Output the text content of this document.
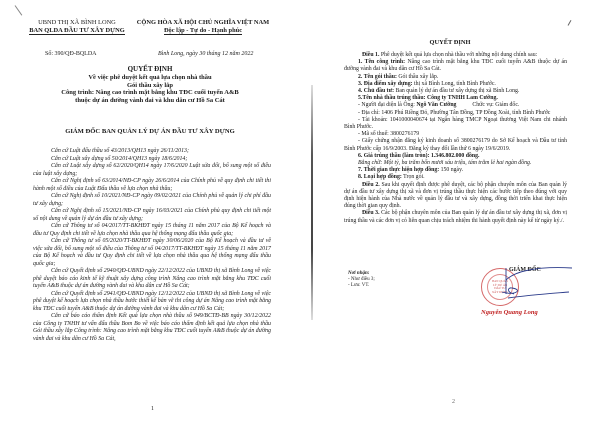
UBND THỊ XÃ BÌNH LONG
BAN QLDA ĐẦU TƯ XÂY DỰNG
CỘNG HÒA XÃ HỘI CHỦ NGHĨA VIỆT NAM
Độc lập - Tự do - Hạnh phúc
Số: 390/QĐ-BQLDA	Bình Long, ngày 30 tháng 12 năm 2022
QUYẾT ĐỊNH
Về việc phê duyệt kết quả lựa chọn nhà thầu
Gói thầu xây lắp
Công trình: Nâng cao trình mặt bằng khu TĐC cuối tuyến A&B
thuộc dự án đường vành đai và khu dân cư Hồ Sa Cát
GIÁM ĐỐC BAN QUẢN LÝ DỰ ÁN ĐẦU TƯ XÂY DỰNG

Căn cứ Luật đấu thầu số 43/2013/QH13 ngày 26/11/2013;

Căn cứ Luật xây dựng số 50/2014/QH13 ngày 18/6/2014;

Căn cứ Luật xây dựng số 62/2020/QH14 ngày 17/6/2020 Luật sửa đổi, bổ sung một số điều của luật xây dựng;

Căn cứ Nghị định số 63/2014/NĐ-CP ngày 26/6/2014 của Chính phủ về quy định chi tiết thi hành một số điều của Luật Đấu thầu về lựa chọn nhà thầu;

Căn cứ Nghị định số 10/2021/NĐ-CP ngày 09/02/2021 của Chính phủ về quản lý chi phí đầu tư xây dựng;

Căn cứ Nghị định số 15/2021/NĐ-CP ngày 16/03/2021 của Chính phủ quy định chi tiết một số nội dung về quản lý dự án đầu tư xây dựng;

Căn cứ Thông tư số 04/2017/TT-BKHĐT ngày 15 tháng 11 năm 2017 của Bộ Kế hoạch và đầu tư Quy định chi tiết về lựa chọn nhà thầu qua hệ thống mạng đấu thầu quốc gia;

Căn cứ Thông tư số 05/2020/TT-BKHĐT ngày 30/06/2020 của Bộ Kế hoạch và đầu tư về việc sửa đổi, bổ sung một số điều của Thông tư số 04/2017/TT-BKHĐT ngày 15 tháng 11 năm 2017 của Bộ Kế hoạch và đầu tư Quy định chi tiết về lựa chọn nhà thầu qua hệ thống mạng đấu thầu quốc gia;

Căn cứ Quyết định số 2940/QĐ-UBND ngày 22/12/2022 của UBND thị xã Bình Long về việc phê duyệt báo cáo kinh tế kỹ thuật xây dựng công trình Nâng cao trình mặt bằng khu TĐC cuối tuyến A&B thuộc dự án đường vành đai và khu dân cư Hồ Sa Cát;

Căn cứ Quyết định số 2941/QĐ-UBND ngày 12/12/2022 của UBND thị xã Bình Long về việc phê duyệt kế hoạch lựa chọn nhà thầu bước thiết kế bản vẽ thi công dự án Nâng cao trình mặt bằng khu TĐC cuối tuyến A&B thuộc dự án đường vành đai và khu dân cư Hồ Sa Cát;

Căn cứ báo cáo thẩm định Kết quả lựa chọn nhà thầu số 949/BCTĐ-BB ngày 30/12/2022 của Công ty TNHH tư vấn đấu thầu Bom Bo về việc báo cáo thẩm định kết quả lựa chọn nhà thầu Gói thầu xây lắp Công trình: Nâng cao trình mặt bằng khu TĐC cuối tuyến A&B thuộc dự án đường vành đai và khu dân cư Hồ Sa Cát,

1
QUYẾT ĐỊNH

Điều 1. Phê duyệt kết quả lựa chọn nhà thầu với những nội dung chính sau:

1. Tên công trình: Nâng cao trình mặt bằng khu TĐC cuối tuyến A&B thuộc dự án đường vành đai và khu dân cư Hồ Sa Cát.

2. Tên gói thầu: Gói thầu xây lắp.

3. Địa điểm xây dựng: thị xã Bình Long, tỉnh Bình Phước.

4. Chủ đầu tư: Ban quản lý dự án đầu tư xây dựng thị xã Bình Long.

5.Tên nhà thầu trúng thầu: Công ty TNHH Lam Cường.

- Người đại diện là Ông: Ngô Văn Cường	Chức vụ: Giám đốc.

- Địa chỉ: 1406 Phú Riềng Đỏ, Phường Tân Đồng, TP Đồng Xoài, tỉnh Bình Phước

- Tài khoản: 1041000040674 tại Ngân hàng TMCP Ngoại thương Việt Nam chi nhánh Bình Phước.

- Mã số thuế: 3800276179

- Giấy chứng nhận đăng ký kinh doanh số 3800276179 do Sở Kế hoạch và Đầu tư tỉnh Bình Phước cấp 16/9/2003. Đăng ký thay đổi lần thứ 6 ngày 19/6/2019.

6. Giá trúng thầu (làm tròn): 1.346.802.000 đồng.

Bằng chữ: Một tỷ, ba trăm bốn mươi sáu triệu, tám trăm lẻ hai ngàn đồng.

7. Thời gian thực hiện hợp đồng: 150 ngày.

8. Loại hợp đồng: Trọn gói.

Điều 2. Sau khi quyết định được phê duyệt, các bộ phận chuyên môn của Ban quản lý dự án đầu tư xây dựng thị xã và đơn vị trúng thầu thực hiện các bước tiếp theo đúng với quy định hiện hành của Nhà nước về quản lý đầu tư và xây dựng, đồng thời triển khai thực hiện đúng thời gian quy định.

Điều 3. Các bộ phận chuyên môn của Ban quản lý dự án đầu tư xây dựng thị xã, đơn vị trúng thầu và các đơn vị có liên quan chịu trách nhiệm thi hành quyết định này kể từ ngày ký./.

Nơi nhận:
- Như điều 3;
- Lưu: VT.
BAN QUẢN LÝ DỰ ÁN ĐẦU TƯ XÂY DỰNG
GIÁM ĐỐC
Nguyễn Quang Long
2
